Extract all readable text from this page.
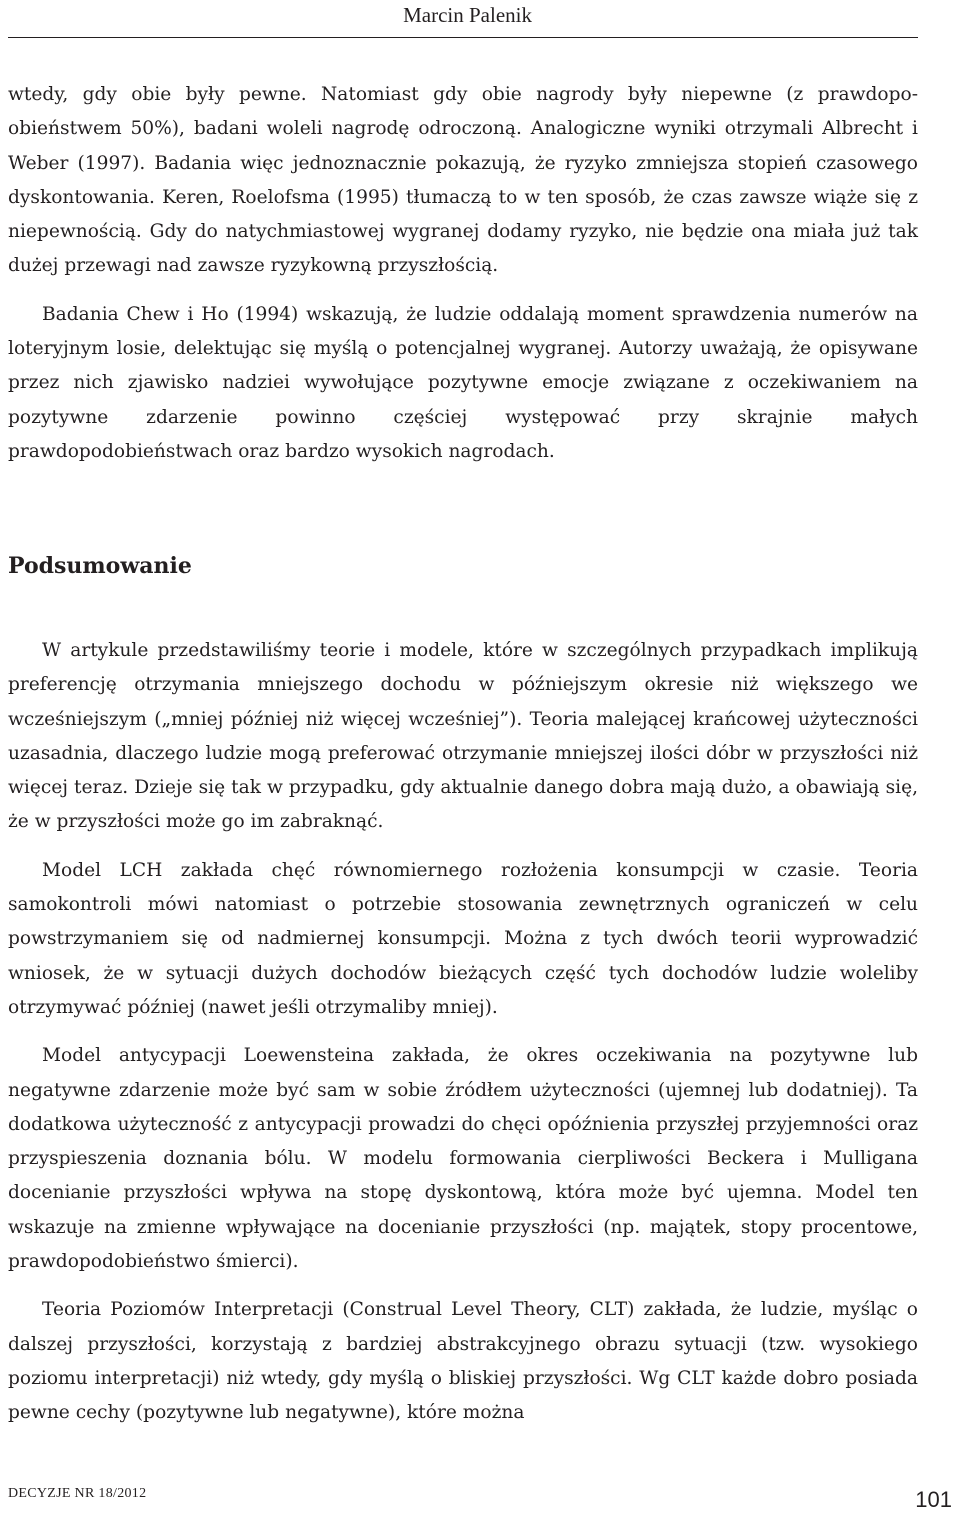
Marcin Palenik

wtedy, gdy obie były pewne. Natomiast gdy obie nagrody były niepewne (z prawdopoobieństwem 50%), badani woleli nagrodę odroczoną. Analogiczne wyniki otrzymali Albrecht i Weber (1997). Badania więc jednoznacznie pokazują, że ryzyko zmniejsza stopień czasowego dyskontowania. Keren, Roelofsma (1995) tłumaczą to w ten sposób, że czas zawsze wiąże się z niepewnością. Gdy do natychmiastowej wygranej dodamy ryzyko, nie będzie ona miała już tak dużej przewagi nad zawsze ryzykowną przyszłością.

Badania Chew i Ho (1994) wskazują, że ludzie oddalają moment sprawdzenia numerów na loteryjnym losie, delektując się myślą o potencjalnej wygranej. Autorzy uważają, że opisywane przez nich zjawisko nadziei wywołujące pozytywne emocje związane z oczekiwaniem na pozytywne zdarzenie powinno częściej występować przy skrajnie małych prawdopodobieństwach oraz bardzo wysokich nagrodach.

Podsumowanie

W artykule przedstawiliśmy teorie i modele, które w szczególnych przypadkach implikują preferencję otrzymania mniejszego dochodu w późniejszym okresie niż większego we wcześniejszym („mniej później niż więcej wcześniej”). Teoria malejącej krańcowej użyteczności uzasadnia, dlaczego ludzie mogą preferować otrzymanie mniejszej ilości dóbr w przyszłości niż więcej teraz. Dzieje się tak w przypadku, gdy aktualnie danego dobra mają dużo, a obawiają się, że w przyszłości może go im zabraknąć.

Model LCH zakłada chęć równomiernego rozłożenia konsumpcji w czasie. Teoria samokontroli mówi natomiast o potrzebie stosowania zewnętrznych ograniczeń w celu powstrzymaniem się od nadmiernej konsumpcji. Można z tych dwóch teorii wyprowadzić wniosek, że w sytuacji dużych dochodów bieżących część tych dochodów ludzie woleliby otrzymywać później (nawet jeśli otrzymaliby mniej).

Model antycypacji Loewensteina zakłada, że okres oczekiwania na pozytywne lub negatywne zdarzenie może być sam w sobie źródłem użyteczności (ujemnej lub dodatniej). Ta dodatkowa użyteczność z antycypacji prowadzi do chęci opóźnienia przyszłej przyjemności oraz przyspieszenia doznania bólu. W modelu formowania cierpliwości Beckera i Mulligana docenianie przyszłości wpływa na stopę dyskontową, która może być ujemna. Model ten wskazuje na zmienne wpływające na docenianie przyszłości (np. majątek, stopy procentowe, prawdopodobieństwo śmierci).

Teoria Poziomów Interpretacji (Construal Level Theory, CLT) zakłada, że ludzie, myśląc o dalszej przyszłości, korzystają z bardziej abstrakcyjnego obrazu sytuacji (tzw. wysokiego poziomu interpretacji) niż wtedy, gdy myślą o bliskiej przyszłości. Wg CLT każde dobro posiada pewne cechy (pozytywne lub negatywne), które można

DECYZJE NR 18/2012	101
